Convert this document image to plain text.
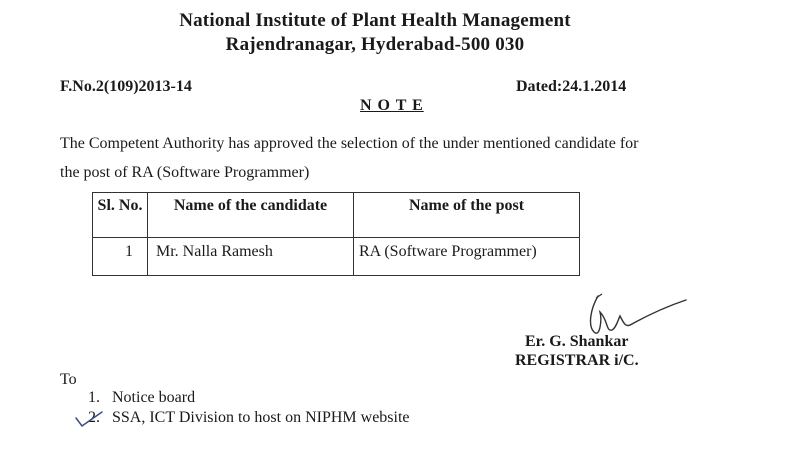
National Institute of Plant Health Management
Rajendranagar, Hyderabad-500 030
F.No.2(109)2013-14	Dated:24.1.2014
N O T E
The Competent Authority has approved the selection of the under mentioned candidate for
the post of RA (Software Programmer)
Sl. No.	Name of the candidate	Name of the post
1	Mr. Nalla Ramesh	RA (Software Programmer)
Er. G. Shankar
REGISTRAR i/C.
To
1. Notice board
2. SSA, ICT Division to host on NIPHM website
